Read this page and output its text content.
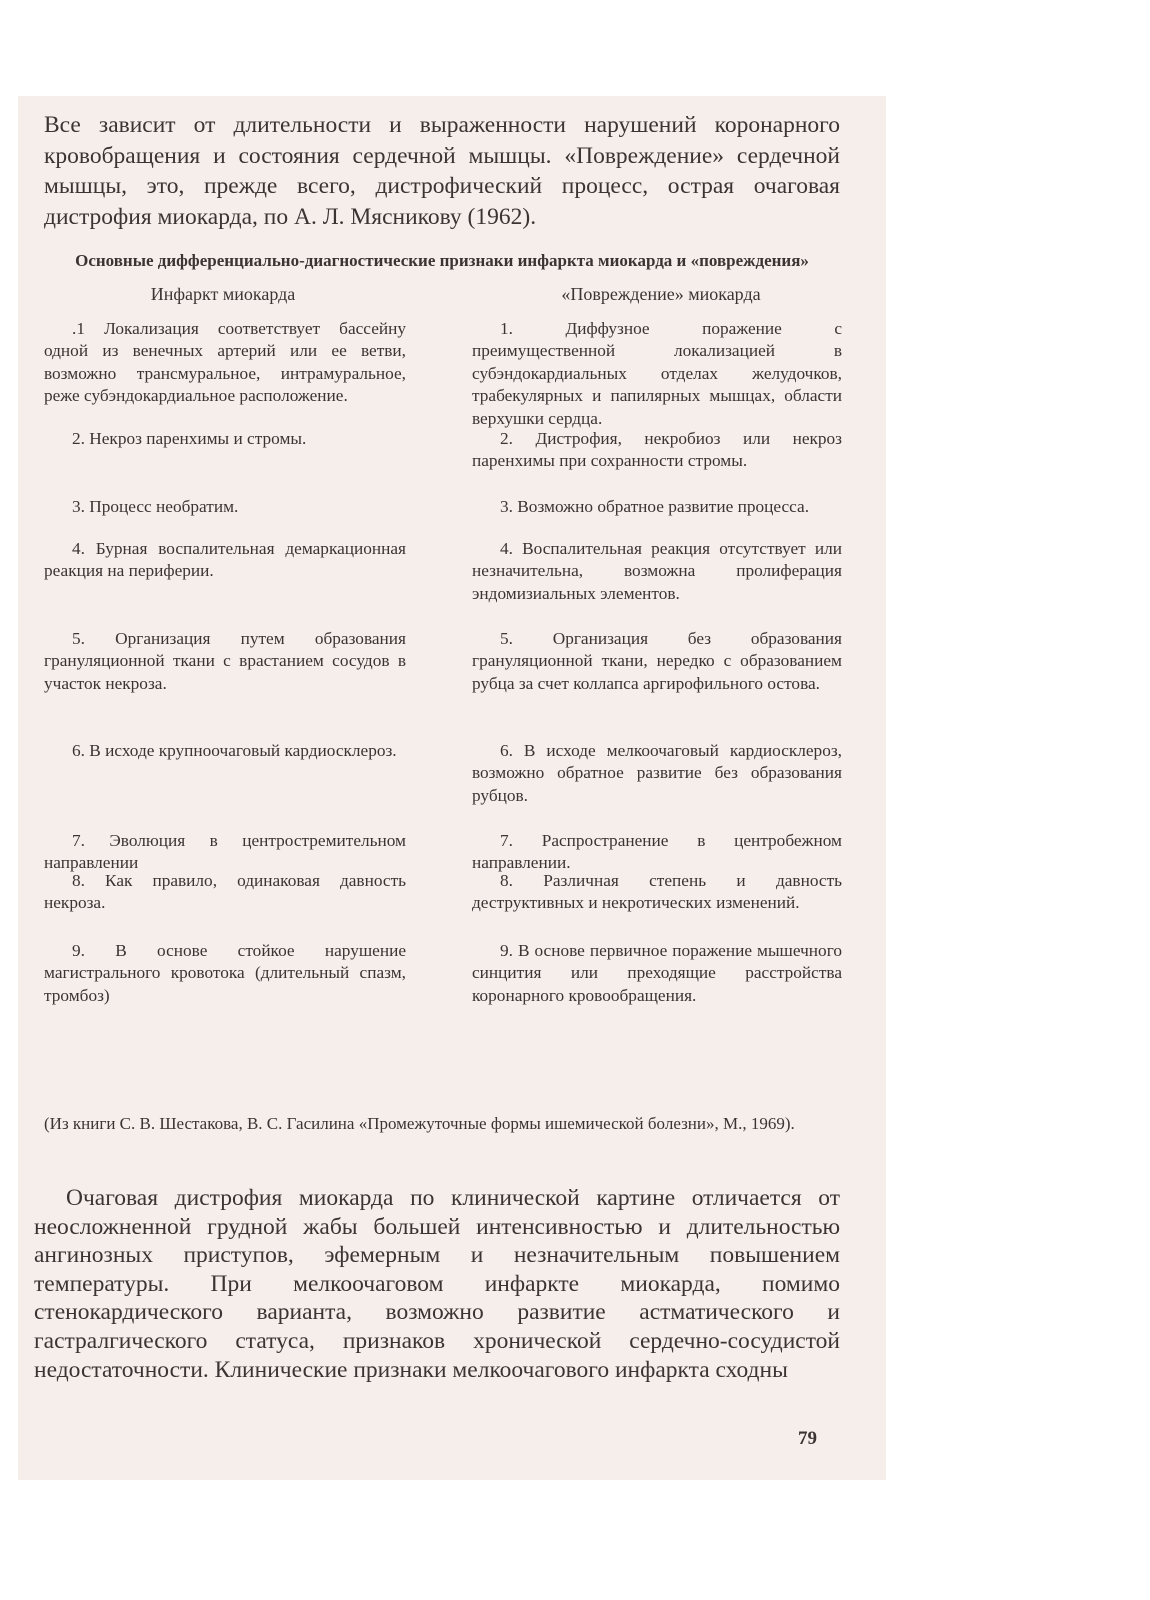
Все зависит от длительности и выраженности нарушений коронарного кровобращения и состояния сердечной мышцы. «Повреждение» сердечной мышцы, это, прежде всего, дистрофический процесс, острая очаговая дистрофия миокарда, по А. Л. Мясникову (1962).

Основные дифференциально-диагностические признаки инфаркта миокарда и «повреждения»
Инфаркт миокарда	«Повреждение» миокарда

.1 Локализация соответствует бассейну одной из венечных артерий или ее ветви, возможно трансмуральное, интрамуральное, реже субэндокардиальное расположение.

2. Некроз паренхимы и стромы.

3. Процесс необратим.

4. Бурная воспалительная демаркационная реакция на периферии.

5. Организация путем образования грануляционной ткани с врастанием сосудов в участок некроза.

6. В исходе крупноочаговый кардиосклероз.

7. Эволюция в центростремительном направлении

8. Как правило, одинаковая давность некроза.

9. В основе стойкое нарушение магистрального кровотока (длительный спазм, тромбоз)

1. Диффузное поражение с преимущественной локализацией в субэндокардиальных отделах желудочков, трабекулярных и папилярных мышцах, области верхушки сердца.

2. Дистрофия, некробиоз или некроз паренхимы при сохранности стромы.

3. Возможно обратное развитие процесса.

4. Воспалительная реакция отсутствует или незначительна, возможна пролиферация эндомизиальных элементов.

5. Организация без образования грануляционной ткани, нередко с образованием рубца за счет коллапса аргирофильного остова.

6. В исходе мелкоочаговый кардиосклероз, возможно обратное развитие без образования рубцов.

7. Распространение в центробежном направлении.

8. Различная степень и давность деструктивных и некротических изменений.

9. В основе первичное поражение мышечного синцития или преходящие расстройства коронарного кровообращения.

(Из книги С. В. Шестакова, В. С. Гасилина «Промежуточные формы ишемической болезни», М., 1969).

Очаговая дистрофия миокарда по клинической картине отличается от неосложненной грудной жабы большей интенсивностью и длительностью ангинозных приступов, эфемерным и незначительным повышением температуры. При мелкоочаговом инфаркте миокарда, помимо стенокардического варианта, возможно развитие астматического и гастралгического статуса, признаков хронической сердечно-сосудистой недостаточности. Клинические признаки мелкоочагового инфаркта сходны

79
